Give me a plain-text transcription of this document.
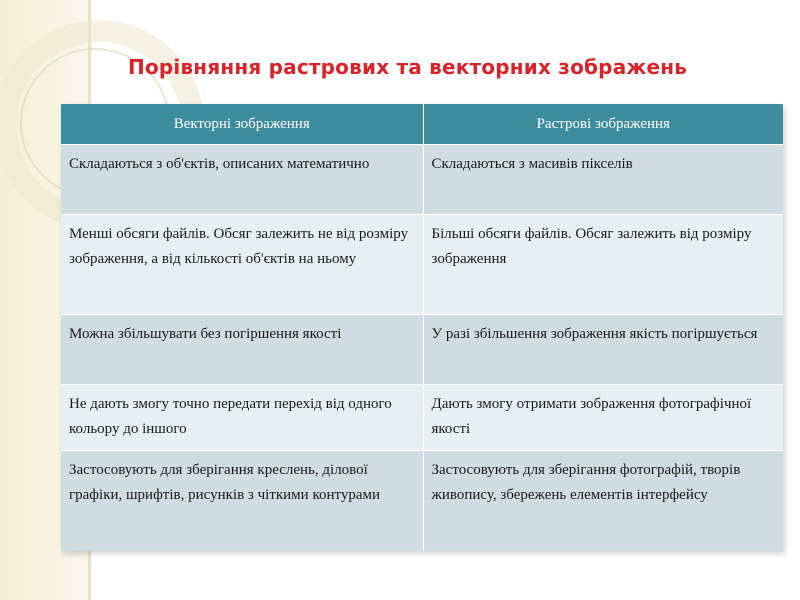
Порівняння растрових та векторних зображень
Векторні зображення	Растрові зображення
Складаються з об'єктів, описаних математично	Складаються з масивів пікселів
Менші обсяги файлів. Обсяг залежить не від розміру зображення, а від кількості об'єктів на ньому	Більші обсяги файлів. Обсяг залежить від розміру зображення
Можна збільшувати без погіршення якості	У разі збільшення зображення якість погіршується
Не дають змогу точно передати перехід від одного кольору до іншого	Дають змогу отримати зображення фотографічної якості
Застосовують для зберігання креслень, ділової графіки, шрифтів, рисунків з чіткими контурами	Застосовують для зберігання фотографій, творів живопису, збережень елементів інтерфейсу
